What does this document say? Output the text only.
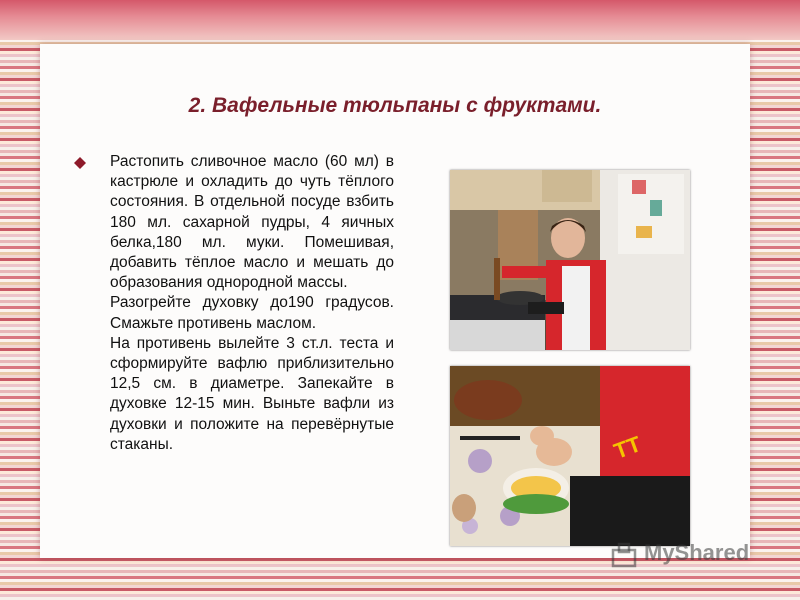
2. Вафельные тюльпаны с фруктами.

Растопить сливочное масло (60 мл) в кастрюле и охладить до чуть тёплого состояния. В отдельной посуде взбить 180 мл. сахарной пудры, 4 яичных белка,180 мл. муки. Помешивая, добавить тёплое масло и мешать до образования однородной массы.

Разогрейте духовку до190 градусов. Смажьте противень маслом.

На противень вылейте 3 ст.л. теста и сформируйте вафлю приблизительно 12,5 см. в диаметре. Запекайте в духовке 12-15 мин. Выньте вафли из духовки и положите на перевёрнутые стаканы.	TT
MyShared
